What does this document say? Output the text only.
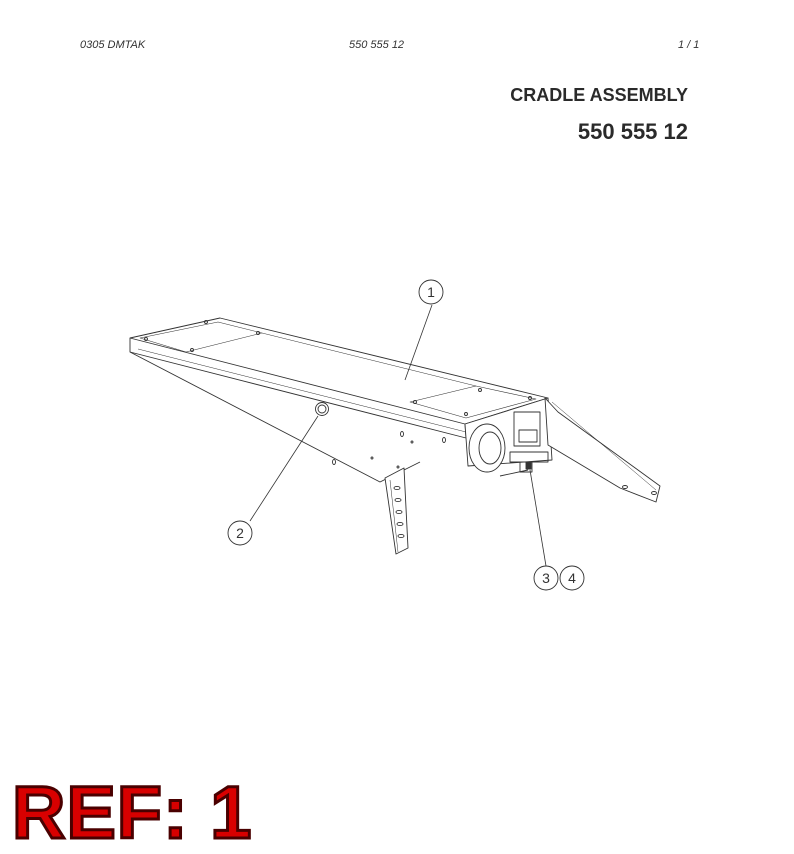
0305 DMTAK	550 555 12	1 / 1
CRADLE ASSEMBLY
550 555 12
1
2
3 4
REF: 1
